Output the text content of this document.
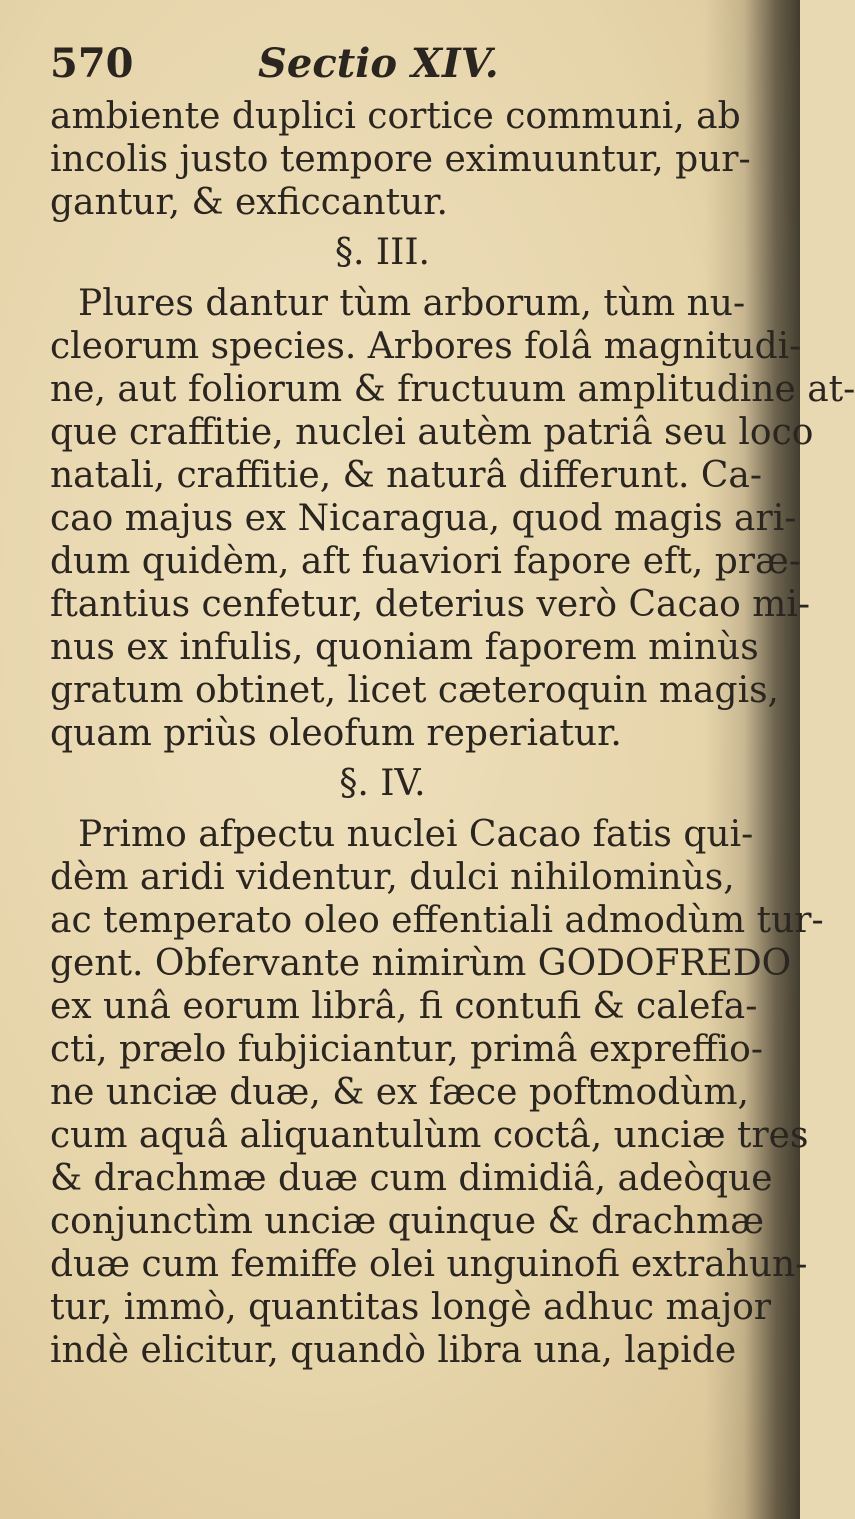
570	Sectio XIV.
ambiente duplici cortice communi, ab
incolis justo tempore eximuuntur, pur-
gantur, & exficcantur.
§. III.
Plures dantur tùm arborum, tùm nu-
cleorum species. Arbores folâ magnitudi-
ne, aut foliorum & fructuum amplitudine at-
que craffitie, nuclei autèm patriâ seu loco
natali, craffitie, & naturâ differunt. Ca-
cao majus ex Nicaragua, quod magis ari-
dum quidèm, aft fuaviori fapore eft, præ-
ftantius cenfetur, deterius verò Cacao mi-
nus ex infulis, quoniam faporem minùs
gratum obtinet, licet cæteroquin magis,
quam priùs oleofum reperiatur.
§. IV.
Primo afpectu nuclei Cacao fatis qui-
dèm aridi videntur, dulci nihilominùs,
ac temperato oleo effentiali admodùm tur-
gent. Obfervante nimirùm GODOFREDO
ex unâ eorum librâ, fi contufi & calefa-
cti, prælo fubjiciantur, primâ expreffio-
ne unciæ duæ, & ex fæce poftmodùm,
cum aquâ aliquantulùm coctâ, unciæ tres
& drachmæ duæ cum dimidiâ, adeòque
conjunctìm unciæ quinque & drachmæ
duæ cum femiffe olei unguinofi extrahun-
tur, immò, quantitas longè adhuc major
indè elicitur, quandò libra una, lapide
